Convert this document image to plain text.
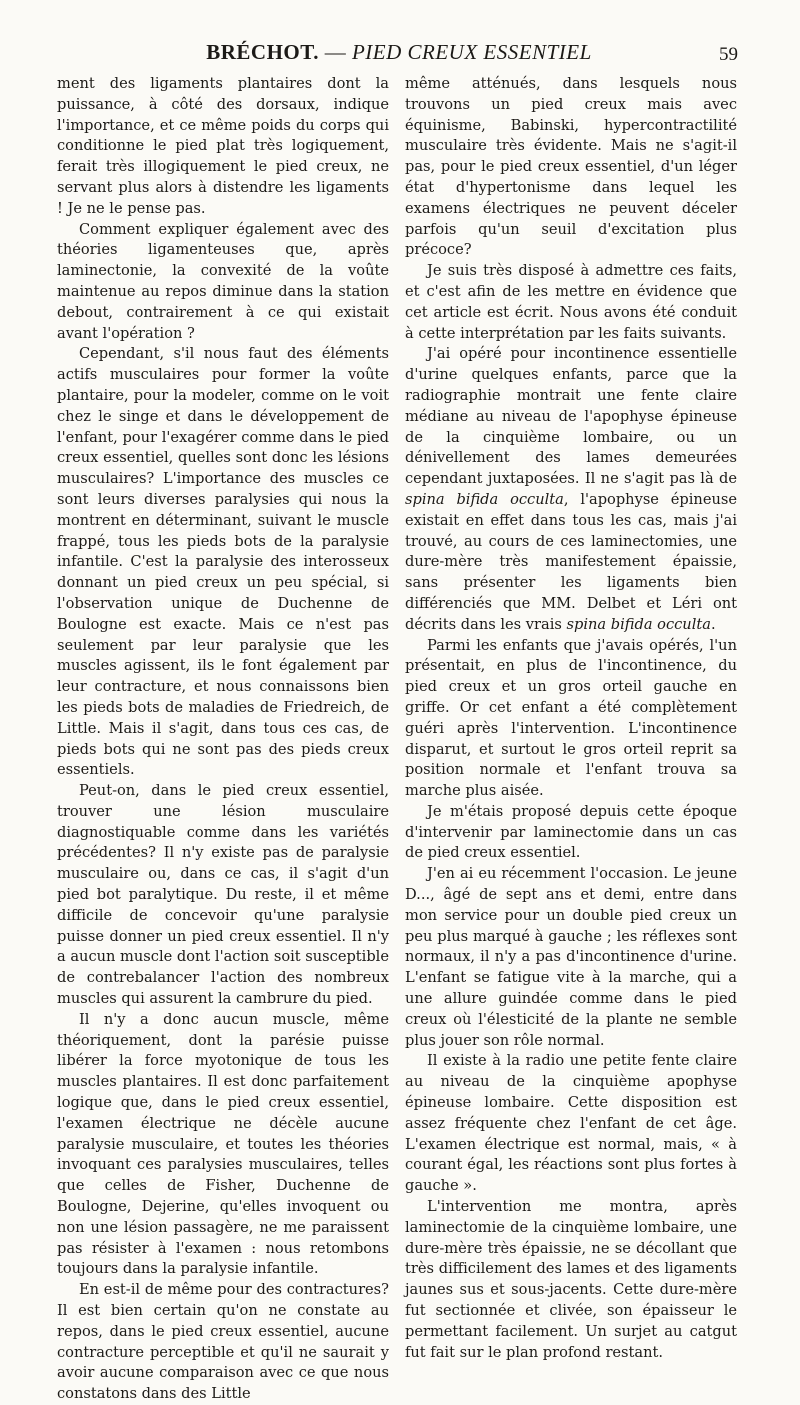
BRÉCHOT. — PIED CREUX ESSENTIEL	59

ment des ligaments plantaires dont la puissance, à côté des dorsaux, indique l'importance, et ce même poids du corps qui conditionne le pied plat très logiquement, ferait très illogiquement le pied creux, ne servant plus alors à distendre les ligaments ! Je ne le pense pas.

Comment expliquer également avec des théories ligamenteuses que, après laminectonie, la convexité de la voûte maintenue au repos diminue dans la station debout, contrairement à ce qui existait avant l'opération ?

Cependant, s'il nous faut des éléments actifs musculaires pour former la voûte plantaire, pour la modeler, comme on le voit chez le singe et dans le développement de l'enfant, pour l'exagérer comme dans le pied creux essentiel, quelles sont donc les lésions musculaires? L'importance des muscles ce sont leurs diverses paralysies qui nous la montrent en déterminant, suivant le muscle frappé, tous les pieds bots de la paralysie infantile. C'est la paralysie des interosseux donnant un pied creux un peu spécial, si l'observation unique de Duchenne de Boulogne est exacte. Mais ce n'est pas seulement par leur paralysie que les muscles agissent, ils le font également par leur contracture, et nous connaissons bien les pieds bots de maladies de Friedreich, de Little. Mais il s'agit, dans tous ces cas, de pieds bots qui ne sont pas des pieds creux essentiels.

Peut-on, dans le pied creux essentiel, trouver une lésion musculaire diagnostiquable comme dans les variétés précédentes? Il n'y existe pas de paralysie musculaire ou, dans ce cas, il s'agit d'un pied bot paralytique. Du reste, il et même difficile de concevoir qu'une paralysie puisse donner un pied creux essentiel. Il n'y a aucun muscle dont l'action soit susceptible de contrebalancer l'action des nombreux muscles qui assurent la cambrure du pied.

Il n'y a donc aucun muscle, même théoriquement, dont la parésie puisse libérer la force myotonique de tous les muscles plantaires. Il est donc parfaitement logique que, dans le pied creux essentiel, l'examen électrique ne décèle aucune paralysie musculaire, et toutes les théories invoquant ces paralysies musculaires, telles que celles de Fisher, Duchenne de Boulogne, Dejerine, qu'elles invoquent ou non une lésion passagère, ne me paraissent pas résister à l'examen : nous retombons toujours dans la paralysie infantile.

En est-il de même pour des contractures? Il est bien certain qu'on ne constate au repos, dans le pied creux essentiel, aucune contracture perceptible et qu'il ne saurait y avoir aucune comparaison avec ce que nous constatons dans des Little

même atténués, dans lesquels nous trouvons un pied creux mais avec équinisme, Babinski, hypercontractilité musculaire très évidente. Mais ne s'agit-il pas, pour le pied creux essentiel, d'un léger état d'hypertonisme dans lequel les examens électriques ne peuvent déceler parfois qu'un seuil d'excitation plus précoce?

Je suis très disposé à admettre ces faits, et c'est afin de les mettre en évidence que cet article est écrit. Nous avons été conduit à cette interprétation par les faits suivants.

J'ai opéré pour incontinence essentielle d'urine quelques enfants, parce que la radiographie montrait une fente claire médiane au niveau de l'apophyse épineuse de la cinquième lombaire, ou un dénivellement des lames demeurées cependant juxtaposées. Il ne s'agit pas là de spina bifida occulta, l'apophyse épineuse existait en effet dans tous les cas, mais j'ai trouvé, au cours de ces laminectomies, une dure-mère très manifestement épaissie, sans présenter les ligaments bien différenciés que MM. Delbet et Léri ont décrits dans les vrais spina bifida occulta.

Parmi les enfants que j'avais opérés, l'un présentait, en plus de l'incontinence, du pied creux et un gros orteil gauche en griffe. Or cet enfant a été complètement guéri après l'intervention. L'incontinence disparut, et surtout le gros orteil reprit sa position normale et l'enfant trouva sa marche plus aisée.

Je m'étais proposé depuis cette époque d'intervenir par laminectomie dans un cas de pied creux essentiel.

J'en ai eu récemment l'occasion. Le jeune D..., âgé de sept ans et demi, entre dans mon service pour un double pied creux un peu plus marqué à gauche ; les réflexes sont normaux, il n'y a pas d'incontinence d'urine. L'enfant se fatigue vite à la marche, qui a une allure guindée comme dans le pied creux où l'élesticité de la plante ne semble plus jouer son rôle normal.

Il existe à la radio une petite fente claire au niveau de la cinquième apophyse épineuse lombaire. Cette disposition est assez fréquente chez l'enfant de cet âge. L'examen électrique est normal, mais, « à courant égal, les réactions sont plus fortes à gauche ».

L'intervention me montra, après laminectomie de la cinquième lombaire, une dure-mère très épaissie, ne se décollant que très difficilement des lames et des ligaments jaunes sus et sous-jacents. Cette dure-mère fut sectionnée et clivée, son épaisseur le permettant facilement. Un surjet au catgut fut fait sur le plan profond restant.
